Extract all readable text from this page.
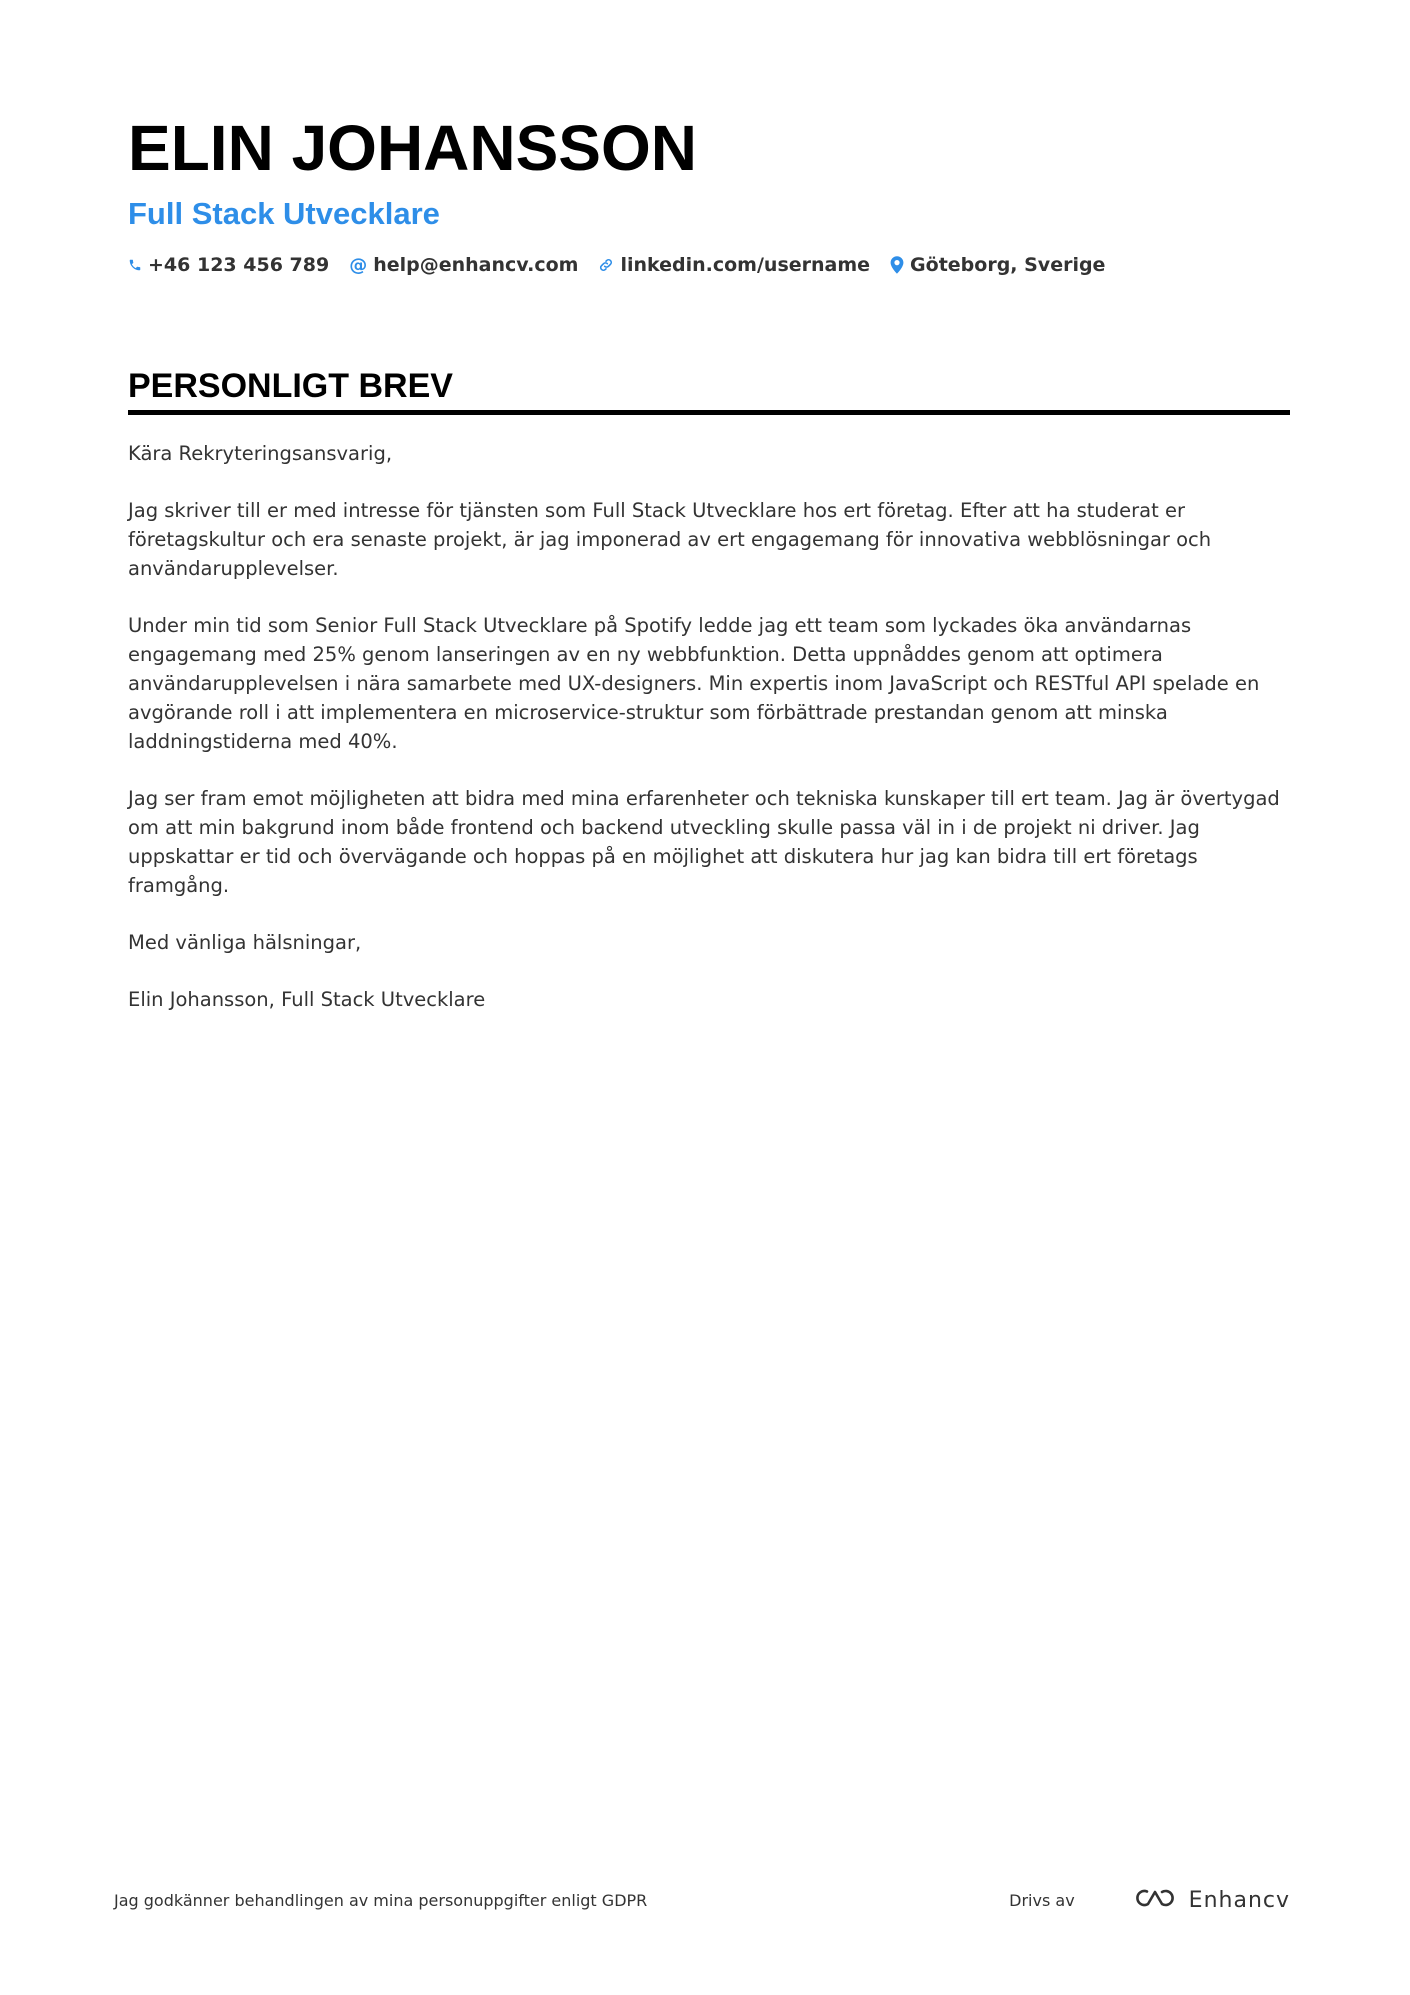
ELIN JOHANSSON
Full Stack Utvecklare
+46 123 456 789 @ help@enhancv.com linkedin.com/username Göteborg, Sverige
PERSONLIGT BREV

Kära Rekryteringsansvarig,

Jag skriver till er med intresse för tjänsten som Full Stack Utvecklare hos ert företag. Efter att ha studerat er företagskultur och era senaste projekt, är jag imponerad av ert engagemang för innovativa webblösningar och användarupplevelser.

Under min tid som Senior Full Stack Utvecklare på Spotify ledde jag ett team som lyckades öka användarnas engagemang med 25% genom lanseringen av en ny webbfunktion. Detta uppnåddes genom att optimera användarupplevelsen i nära samarbete med UX-designers. Min expertis inom JavaScript och RESTful API spelade en avgörande roll i att implementera en microservice-struktur som förbättrade prestandan genom att minska laddningstiderna med 40%.

Jag ser fram emot möjligheten att bidra med mina erfarenheter och tekniska kunskaper till ert team. Jag är övertygad om att min bakgrund inom både frontend och backend utveckling skulle passa väl in i de projekt ni driver. Jag uppskattar er tid och övervägande och hoppas på en möjlighet att diskutera hur jag kan bidra till ert företags framgång.

Med vänliga hälsningar,

Elin Johansson, Full Stack Utvecklare

Jag godkänner behandlingen av mina personuppgifter enligt GDPR	Drivs av	Enhancv
